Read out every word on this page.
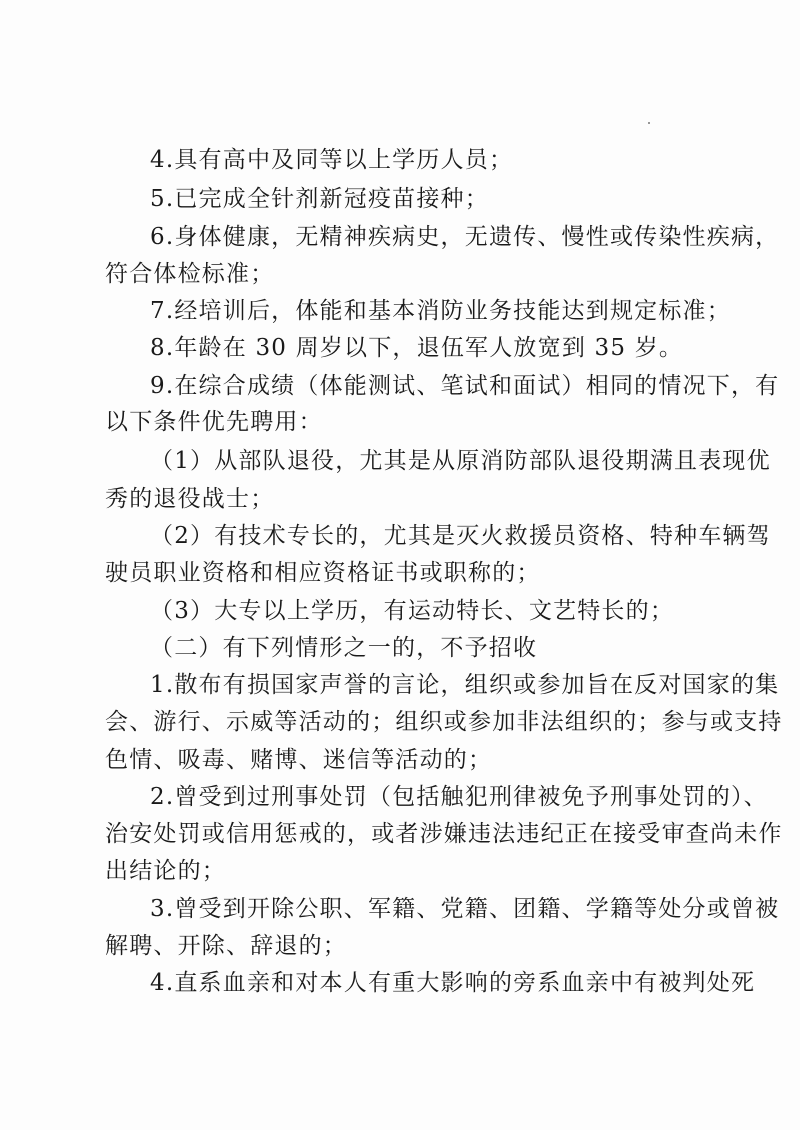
4.具有高中及同等以上学历人员；
5.已完成全针剂新冠疫苗接种；
6.身体健康，无精神疾病史，无遗传、慢性或传染性疾病，
符合体检标准；
7.经培训后，体能和基本消防业务技能达到规定标准；
8.年龄在 30 周岁以下，退伍军人放宽到 35 岁。
9.在综合成绩（体能测试、笔试和面试）相同的情况下，有
以下条件优先聘用：
（1）从部队退役，尤其是从原消防部队退役期满且表现优
秀的退役战士；
（2）有技术专长的，尤其是灭火救援员资格、特种车辆驾
驶员职业资格和相应资格证书或职称的；
（3）大专以上学历，有运动特长、文艺特长的；
（二）有下列情形之一的，不予招收
1.散布有损国家声誉的言论，组织或参加旨在反对国家的集
会、游行、示威等活动的；组织或参加非法组织的；参与或支持
色情、吸毒、赌博、迷信等活动的；
2.曾受到过刑事处罚（包括触犯刑律被免予刑事处罚的）、
治安处罚或信用惩戒的，或者涉嫌违法违纪正在接受审查尚未作
出结论的；
3.曾受到开除公职、军籍、党籍、团籍、学籍等处分或曾被
解聘、开除、辞退的；
4.直系血亲和对本人有重大影响的旁系血亲中有被判处死
